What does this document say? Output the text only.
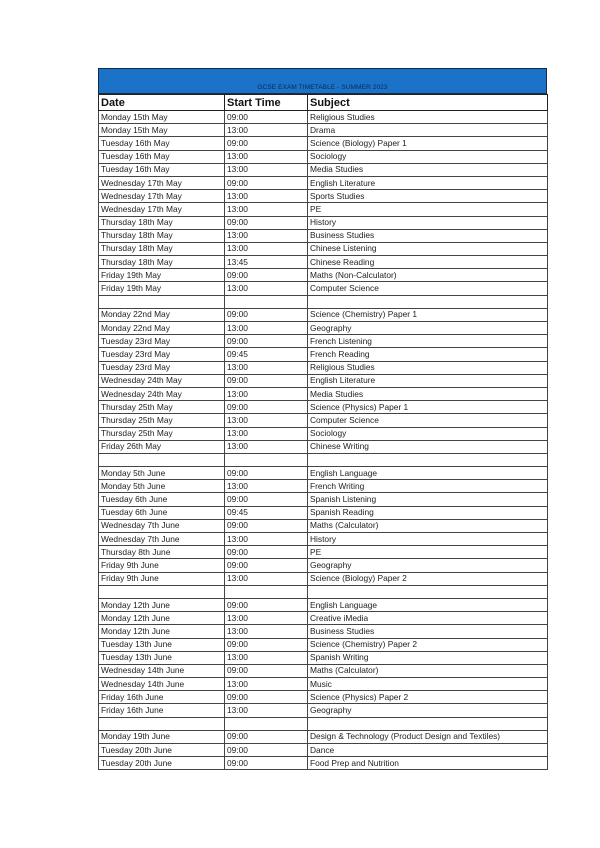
GCSE EXAM TIMETABLE - SUMMER 2023
Date	Start Time	Subject
Monday 15th May	09:00	Religious Studies
Monday 15th May	13:00	Drama
Tuesday 16th May	09:00	Science (Biology) Paper 1
Tuesday 16th May	13:00	Sociology
Tuesday 16th May	13:00	Media Studies
Wednesday 17th May	09:00	English Literature
Wednesday 17th May	13:00	Sports Studies
Wednesday 17th May	13:00	PE
Thursday 18th May	09:00	History
Thursday 18th May	13:00	Business Studies
Thursday 18th May	13:00	Chinese Listening
Thursday 18th May	13:45	Chinese Reading
Friday 19th May	09:00	Maths (Non-Calculator)
Friday 19th May	13:00	Computer Science

Monday 22nd May	09:00	Science (Chemistry) Paper 1
Monday 22nd May	13:00	Geography
Tuesday 23rd May	09:00	French Listening
Tuesday 23rd May	09:45	French Reading
Tuesday 23rd May	13:00	Religious Studies
Wednesday 24th May	09:00	English Literature
Wednesday 24th May	13:00	Media Studies
Thursday 25th May	09:00	Science (Physics) Paper 1
Thursday 25th May	13:00	Computer Science
Thursday 25th May	13:00	Sociology
Friday 26th May	13:00	Chinese Writing

Monday 5th June	09:00	English Language
Monday 5th June	13:00	French Writing
Tuesday 6th June	09:00	Spanish Listening
Tuesday 6th June	09:45	Spanish Reading
Wednesday 7th June	09:00	Maths (Calculator)
Wednesday 7th June	13:00	History
Thursday 8th June	09:00	PE
Friday 9th June	09:00	Geography
Friday 9th June	13:00	Science (Biology) Paper 2

Monday 12th June	09:00	English Language
Monday 12th June	13:00	Creative iMedia
Monday 12th June	13:00	Business Studies
Tuesday 13th June	09:00	Science (Chemistry) Paper 2
Tuesday 13th June	13:00	Spanish Writing
Wednesday 14th June	09:00	Maths (Calculator)
Wednesday 14th June	13:00	Music
Friday 16th June	09:00	Science (Physics) Paper 2
Friday 16th June	13:00	Geography

Monday 19th June	09:00	Design & Technology (Product Design and Textiles)
Tuesday 20th June	09:00	Dance
Tuesday 20th June	09:00	Food Prep and Nutrition
